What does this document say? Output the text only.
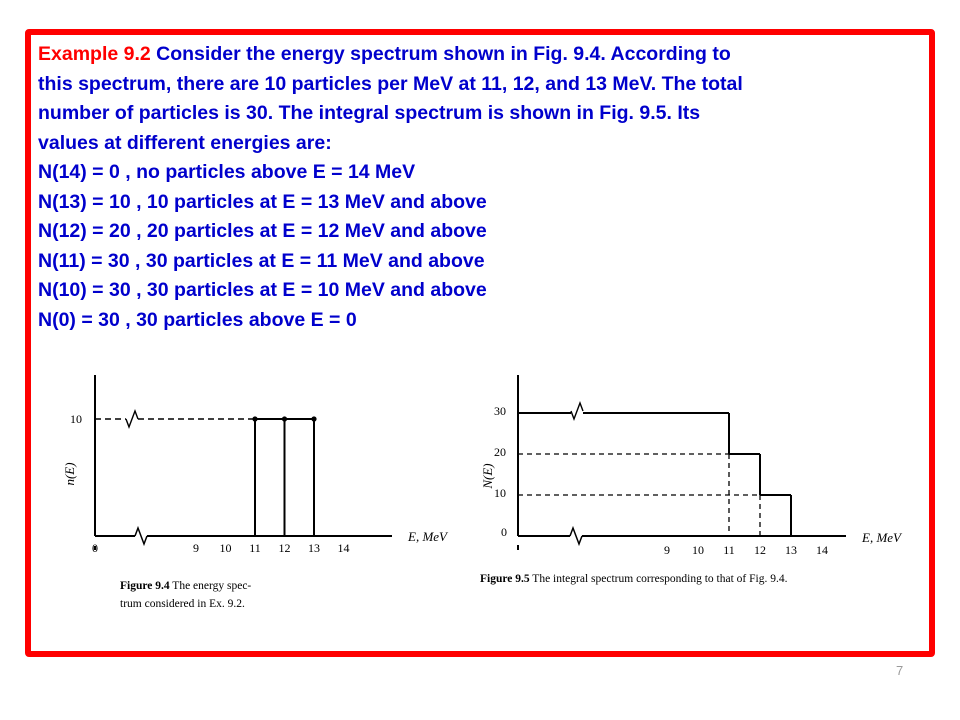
Example 9.2 Consider the energy spectrum shown in Fig. 9.4. According to
this spectrum, there are 10 particles per MeV at 11, 12, and 13 MeV. The total
number of particles is 30. The integral spectrum is shown in Fig. 9.5. Its
values at different energies are:
N(14) = 0 , no particles above E = 14 MeV
N(13) = 10 , 10 particles at E = 13 MeV and above
N(12) = 20 , 20 particles at E = 12 MeV and above
N(11) = 30 , 30 particles at E = 11 MeV and above
N(10) = 30 , 30 particles at E = 10 MeV and above
N(0) = 30 , 30 particles above E = 0
0	9 10 11 12 13 14
10
n(E)
E, MeV
Figure 9.4 The energy spec-
trum considered in Ex. 9.2.
9 10 11 12 13 14
30
20
10
0
N(E)
E, MeV
Figure 9.5 The integral spectrum corresponding to that of Fig. 9.4.
7
